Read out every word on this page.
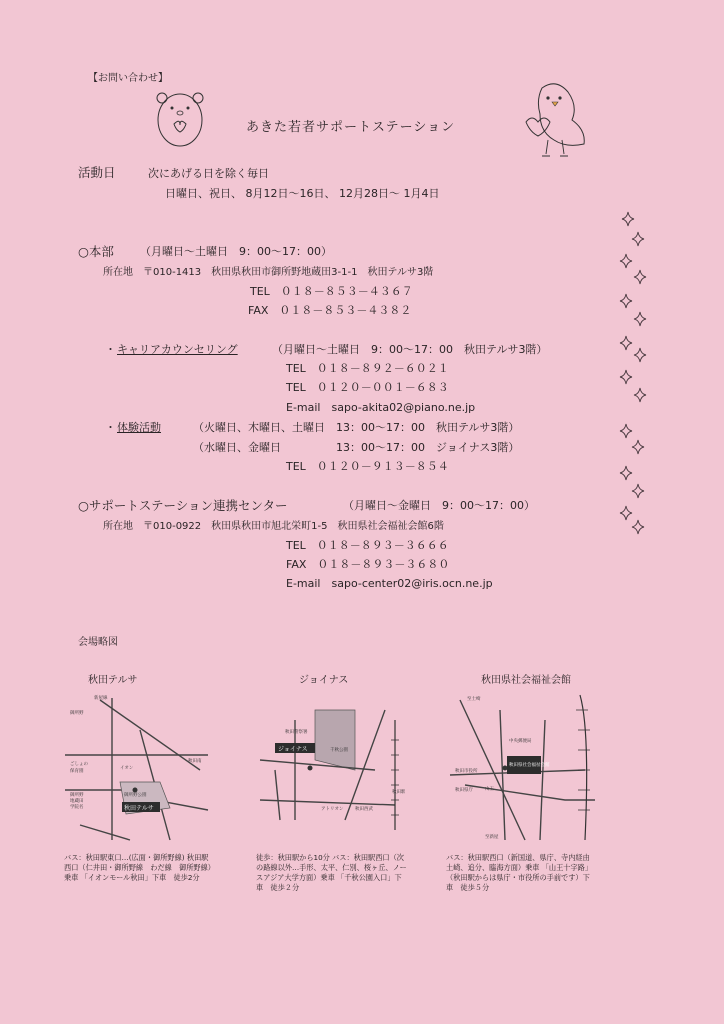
【お問い合わせ】
あきた若者サポートステーション
活動日	次にあげる日を除く毎日
日曜日、祝日、 8月12日〜16日、 12月28日〜 1月4日
○本部 （月曜日〜土曜日　9：00〜17：00）
所在地　〒010-1413　秋田県秋田市御所野地蔵田3-1-1　秋田テルサ3階
TEL　０１８－８５３－４３６７
FAX　０１８－８５３－４３８２
・ キャリアカウンセリング	（月曜日〜土曜日　9：00〜17：00　秋田テルサ3階）
TEL　０１８－８９２－６０２１
TEL　０１２０－００１－６８３
E-mail　sapo-akita02@piano.ne.jp
・ 体験活動	（火曜日、木曜日、土曜日　13：00〜17：00　秋田テルサ3階）
（水曜日、金曜日　　　　　13：00〜17：00　ジョイナス3階）
TEL　０１２０－９１３－８５４
○サポートステーション連携センター	（月曜日〜金曜日　9：00〜17：00）
所在地　〒010-0922　秋田県秋田市旭北栄町1-5　秋田県社会福祉会館6階
TEL　０１８－８９３－３６６６
FAX　０１８－８９３－３６８０
E-mail　sapo-center02@iris.ocn.ne.jp
会場略図
秋田テルサ	ジョイナス	秋田県社会福祉会館
新屋線
御所野
イオン
秋田南
ごしょの
保育園
御所野
地蔵田
学院名
御所野公園
秋田テルサ
ジョイナス	千秋公園
秋田駅
アトリオン	秋田西武
秋田警察署
秋田県社会福祉会館
至土崎
中央郵便局
秋田市役所
秋田県庁	山王
至新屋
バス：秋田駅東口…(広面・御所野線) 秋田駅西口（仁井田・御所野線　わだ線　御所野線）乗車 「イオンモール秋田」下車　徒歩2分
徒歩：秋田駅から10分 バス：秋田駅西口（次の路線以外…手形、太平、仁別、桜ヶ丘、ノースアジア大学方面）乗車 「千秋公園入口」下車　徒歩２分
バス：秋田駅西口（新国道、県庁、寺内経由　土崎、追分、臨海方面）乗車 「山王十字路」（秋田駅からは県庁・市役所の手前です）下車　徒歩５分
